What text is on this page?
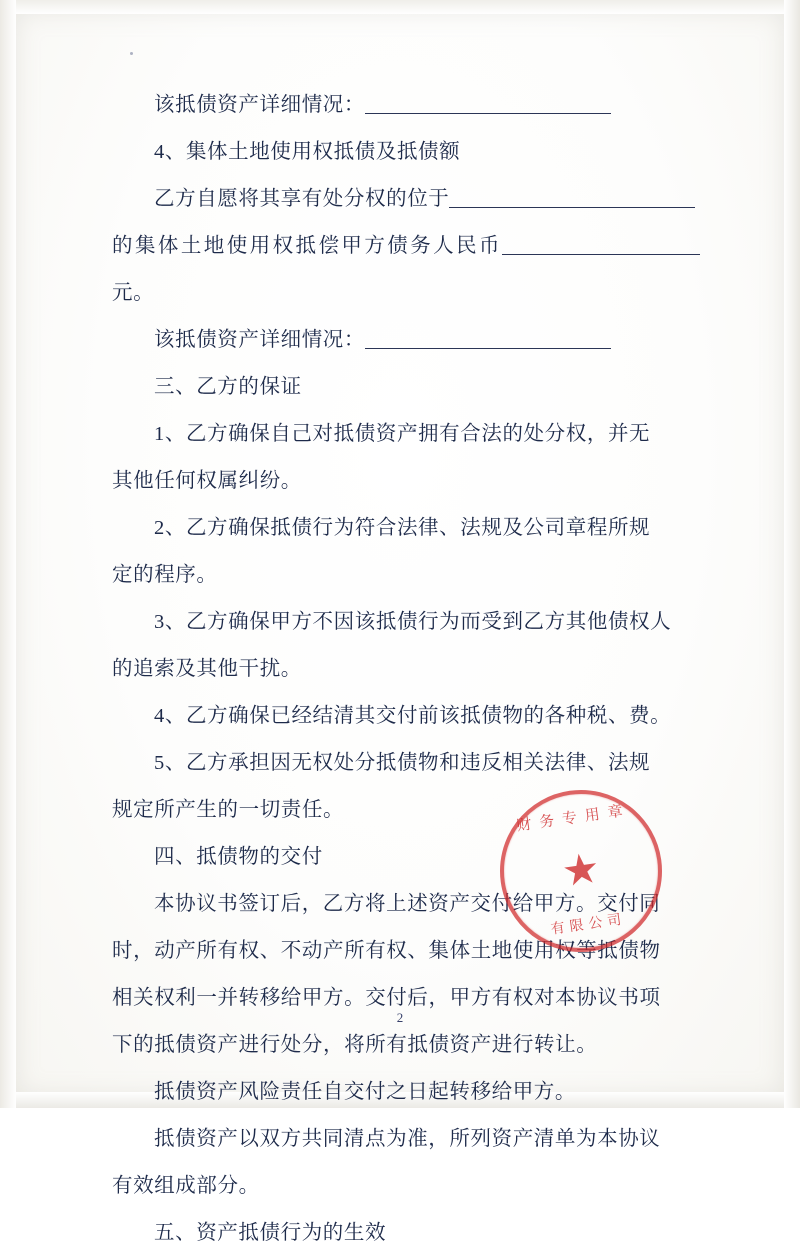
该抵债资产详细情况：
4、集体土地使用权抵债及抵债额
乙方自愿将其享有处分权的位于
的集体土地使用权抵偿甲方债务人民币元。
该抵债资产详细情况：
三、乙方的保证
1、乙方确保自己对抵债资产拥有合法的处分权，并无
其他任何权属纠纷。
2、乙方确保抵债行为符合法律、法规及公司章程所规
定的程序。
3、乙方确保甲方不因该抵债行为而受到乙方其他债权人
的追索及其他干扰。
4、乙方确保已经结清其交付前该抵债物的各种税、费。
5、乙方承担因无权处分抵债物和违反相关法律、法规
规定所产生的一切责任。
四、抵债物的交付
本协议书签订后，乙方将上述资产交付给甲方。交付同
时，动产所有权、不动产所有权、集体土地使用权等抵债物
相关权利一并转移给甲方。交付后，甲方有权对本协议书项
下的抵债资产进行处分，将所有抵债资产进行转让。
抵债资产风险责任自交付之日起转移给甲方。
抵债资产以双方共同清点为准，所列资产清单为本协议
有效组成部分。
五、资产抵债行为的生效
财务专用章
★
有限公司
2
